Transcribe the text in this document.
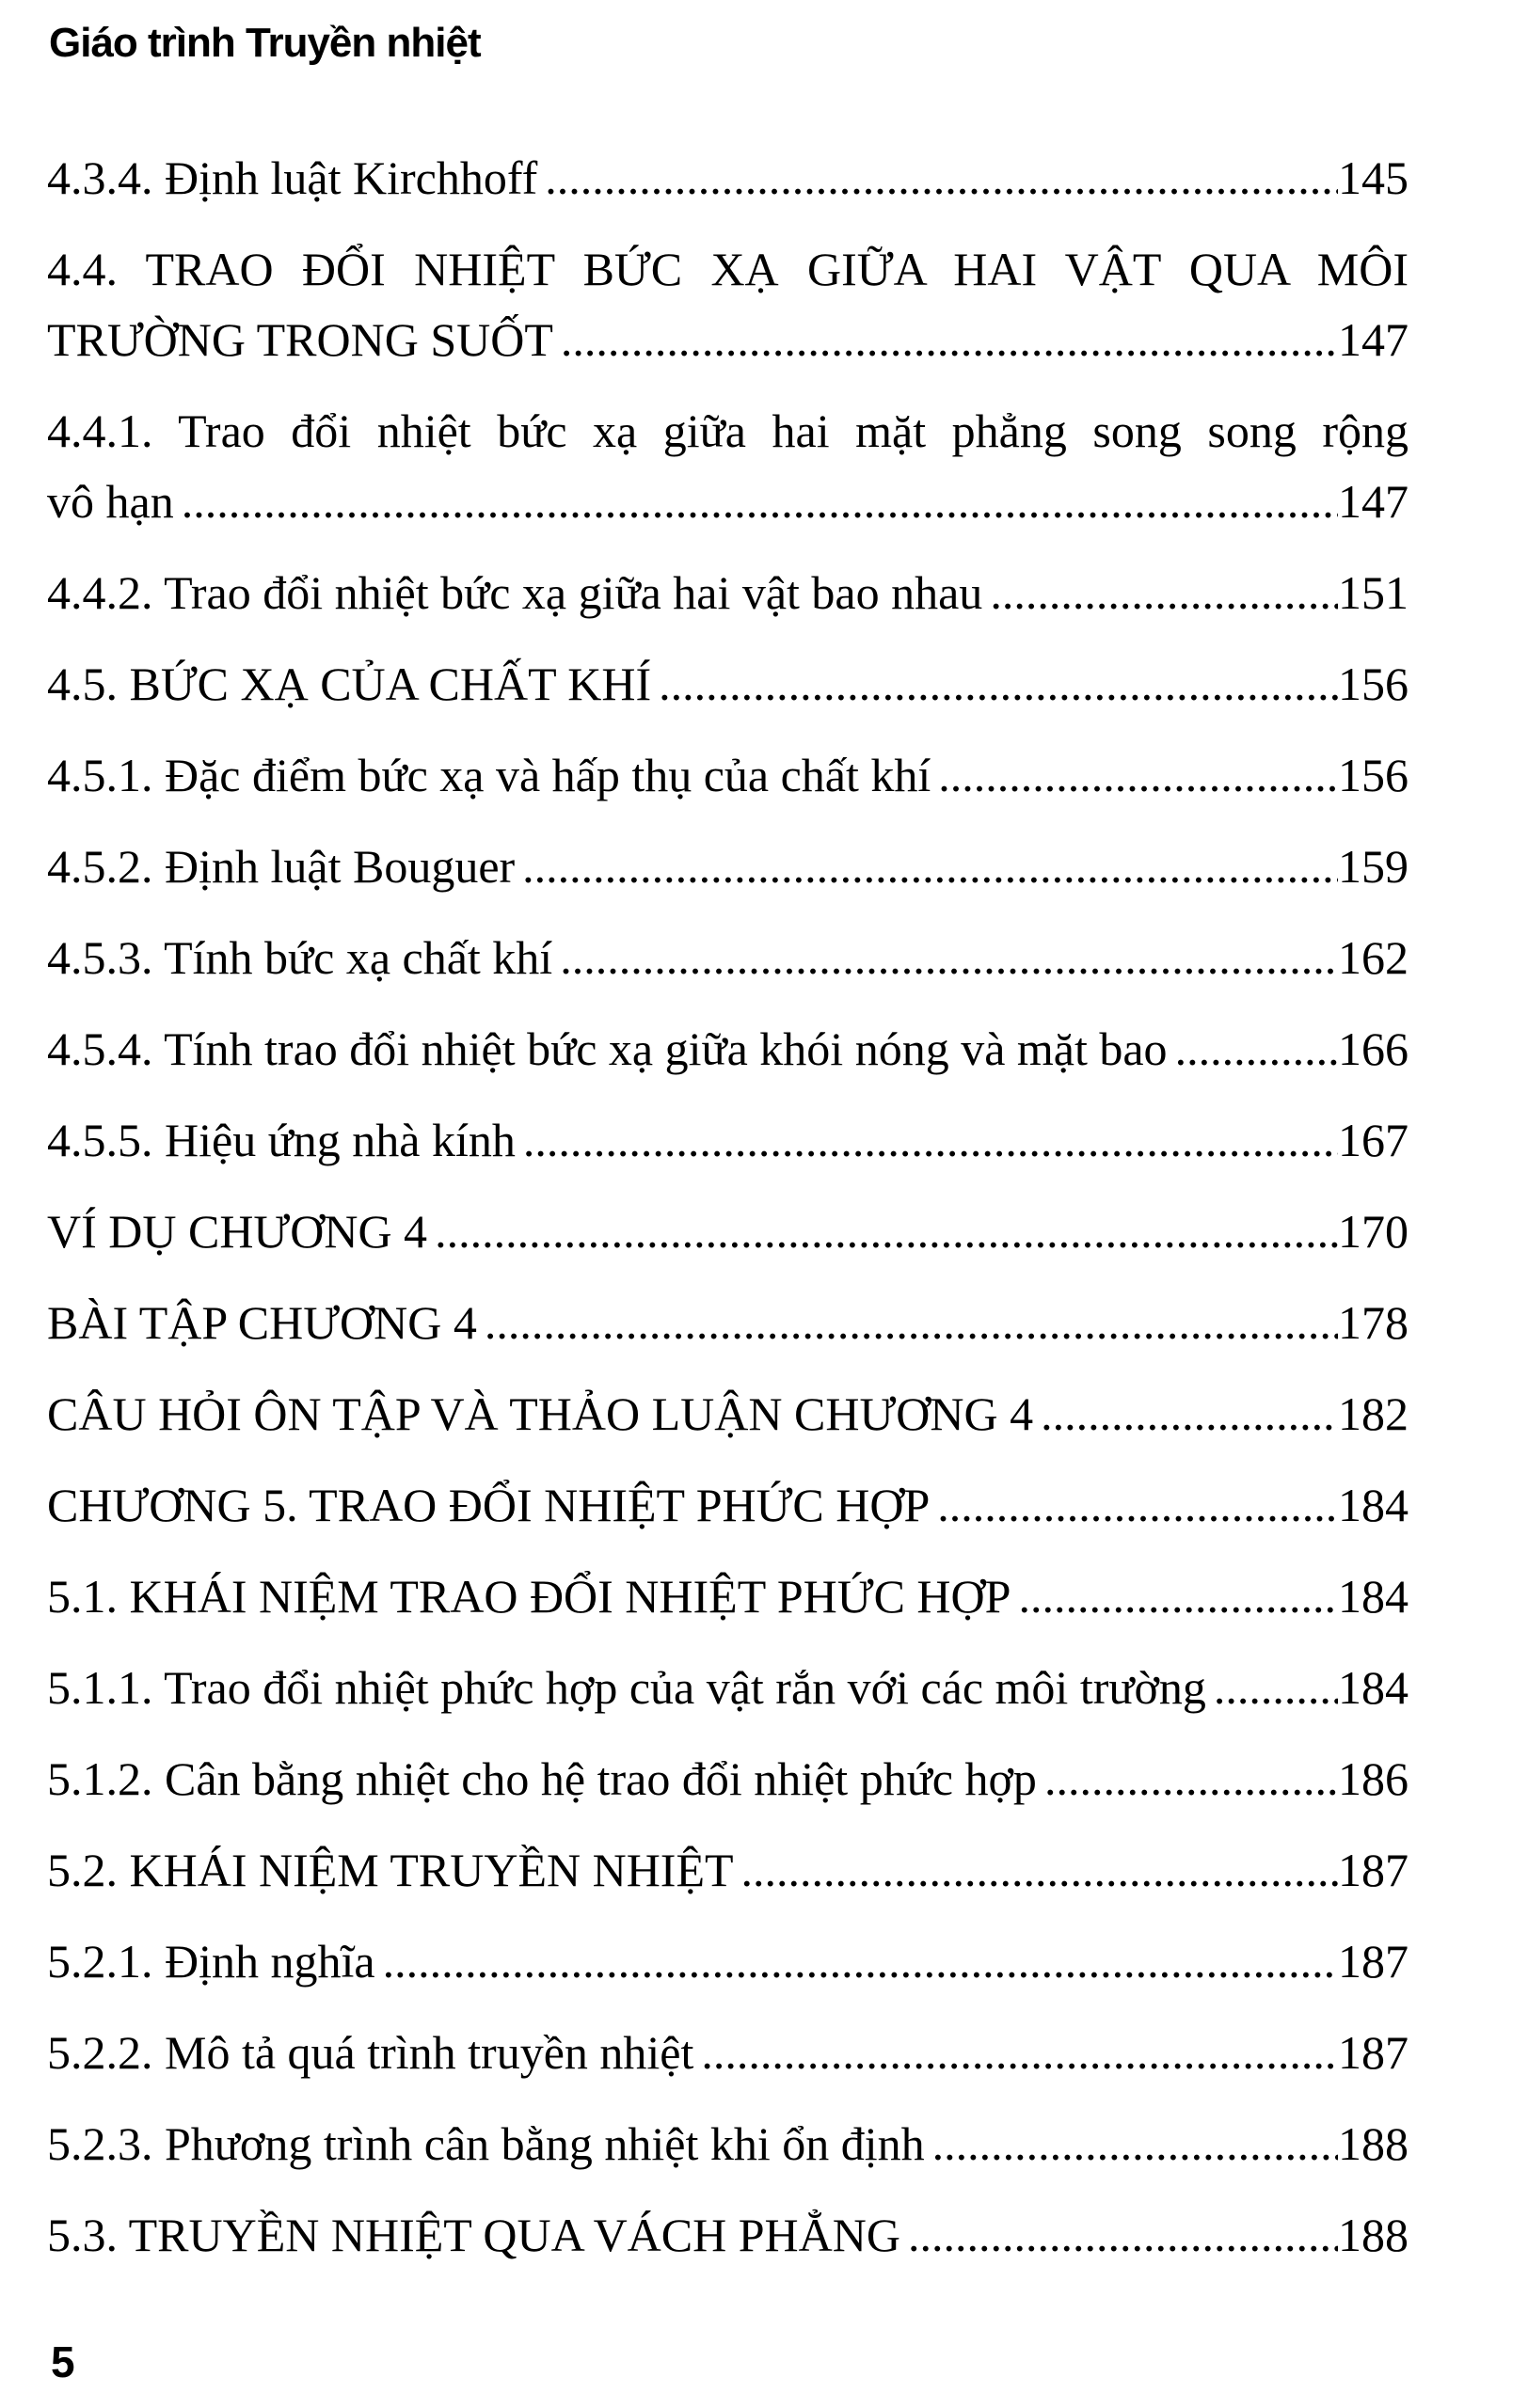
Giáo trình Truyền nhiệt
4.3.4. Định luật Kirchhoff .....	145
4.4. TRAO ĐỔI NHIỆT BỨC XẠ GIỮA HAI VẬT QUA MÔI
TRƯỜNG TRONG SUỐT .....	147
4.4.1. Trao đổi nhiệt bức xạ giữa hai mặt phẳng song song rộng
vô hạn .....	147
4.4.2. Trao đổi nhiệt bức xạ giữa hai vật bao nhau .....	151
4.5. BỨC XẠ CỦA CHẤT KHÍ .....	156
4.5.1. Đặc điểm bức xạ và hấp thụ của chất khí .....	156
4.5.2. Định luật Bouguer .....	159
4.5.3. Tính bức xạ chất khí .....	162
4.5.4. Tính trao đổi nhiệt bức xạ giữa khói nóng và mặt bao .....	166
4.5.5. Hiệu ứng nhà kính .....	167
VÍ DỤ CHƯƠNG 4 .....	170
BÀI TẬP CHƯƠNG 4 .....	178
CÂU HỎI ÔN TẬP VÀ THẢO LUẬN CHƯƠNG 4 .....	182
CHƯƠNG 5. TRAO ĐỔI NHIỆT PHỨC HỢP .....	184
5.1. KHÁI NIỆM TRAO ĐỔI NHIỆT PHỨC HỢP .....	184
5.1.1. Trao đổi nhiệt phức hợp của vật rắn với các môi trường .....	184
5.1.2. Cân bằng nhiệt cho hệ trao đổi nhiệt phức hợp .....	186
5.2. KHÁI NIỆM TRUYỀN NHIỆT .....	187
5.2.1. Định nghĩa .....	187
5.2.2. Mô tả quá trình truyền nhiệt .....	187
5.2.3. Phương trình cân bằng nhiệt khi ổn định .....	188
5.3. TRUYỀN NHIỆT QUA VÁCH PHẲNG .....	188
5
